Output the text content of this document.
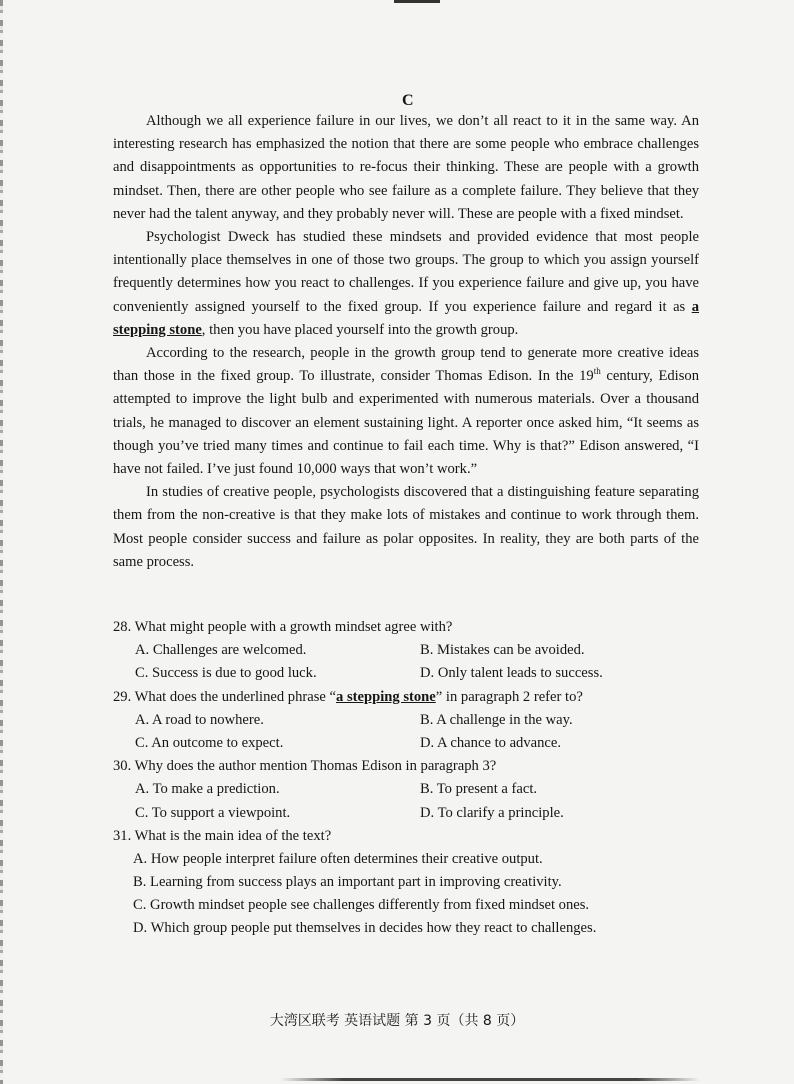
C

Although we all experience failure in our lives, we don’t all react to it in the same way. An interesting research has emphasized the notion that there are some people who embrace challenges and disappointments as opportunities to re-focus their thinking. These are people with a growth mindset. Then, there are other people who see failure as a complete failure. They believe that they never had the talent anyway, and they probably never will. These are people with a fixed mindset.

Psychologist Dweck has studied these mindsets and provided evidence that most people intentionally place themselves in one of those two groups. The group to which you assign yourself frequently determines how you react to challenges. If you experience failure and give up, you have conveniently assigned yourself to the fixed group. If you experience failure and regard it as a stepping stone, then you have placed yourself into the growth group.

According to the research, people in the growth group tend to generate more creative ideas than those in the fixed group. To illustrate, consider Thomas Edison. In the 19th century, Edison attempted to improve the light bulb and experimented with numerous materials. Over a thousand trials, he managed to discover an element sustaining light. A reporter once asked him, “It seems as though you’ve tried many times and continue to fail each time. Why is that?” Edison answered, “I have not failed. I’ve just found 10,000 ways that won’t work.”

In studies of creative people, psychologists discovered that a distinguishing feature separating them from the non-creative is that they make lots of mistakes and continue to work through them. Most people consider success and failure as polar opposites. In reality, they are both parts of the same process.

28. What might people with a growth mindset agree with?
A. Challenges are welcomed.	B. Mistakes can be avoided.
C. Success is due to good luck.	D. Only talent leads to success.
29. What does the underlined phrase “a stepping stone” in paragraph 2 refer to?
A. A road to nowhere.	B. A challenge in the way.
C. An outcome to expect.	D. A chance to advance.
30. Why does the author mention Thomas Edison in paragraph 3?
A. To make a prediction.	B. To present a fact.
C. To support a viewpoint.	D. To clarify a principle.
31. What is the main idea of the text?
A. How people interpret failure often determines their creative output.
B. Learning from success plays an important part in improving creativity.
C. Growth mindset people see challenges differently from fixed mindset ones.
D. Which group people put themselves in decides how they react to challenges.
大湾区联考 英语试题 第 3 页（共 8 页）
